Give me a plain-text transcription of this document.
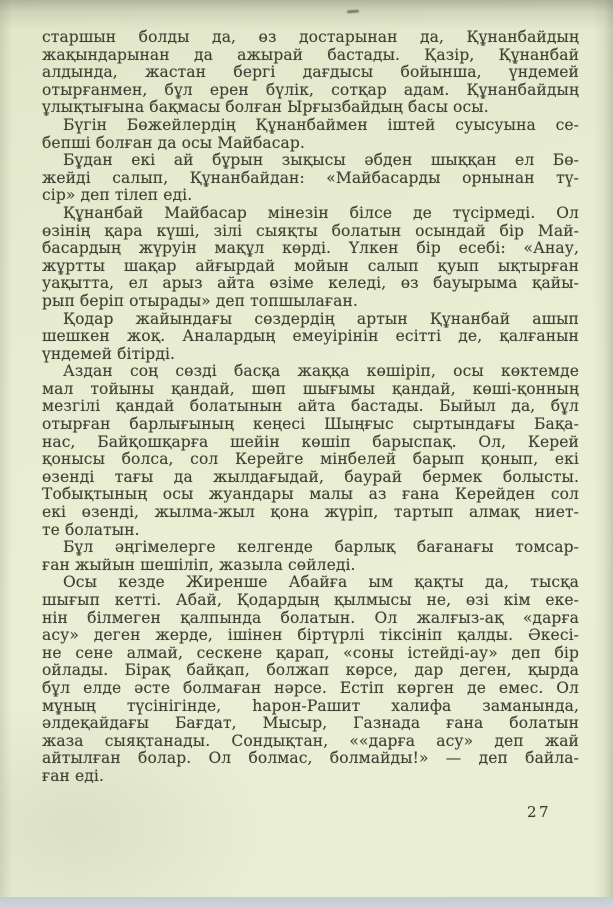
старшын болды да, өз достарынан да, Құнанбайдың
жақындарынан да ажырай бастады. Қазір, Құнанбай
алдында, жастан бергі дағдысы бойынша, үндемей
отырғанмен, бұл ерен бүлік, сотқар адам. Құнанбайдың
ұлықтығына бақмасы болған Ырғызбайдың басы осы.
Бүгін Бөжейлердің Құнанбаймен іштей суысуына се-
бепші болған да осы Майбасар.
Бұдан екі ай бұрын зықысы әбден шыққан ел Бө-
жейді салып, Құнанбайдан: «Майбасарды орнынан тү-
сір» деп тілеп еді.
Құнанбай Майбасар мінезін білсе де түсірмеді. Ол
өзінің қара күші, зілі сыяқты болатын осындай бір Май-
басардың жүруін мақұл көрді. Үлкен бір есебі: «Анау,
жұртты шақар айғырдай мойын салып қуып ықтырған
уақытта, ел арыз айта өзіме келеді, өз бауырыма қайы-
рып беріп отырады» деп топшылаған.
Қодар жайындағы сөздердің артын Құнанбай ашып
шешкен жоқ. Аналардың емеуірінін есітті де, қалғанын
үндемей бітірді.
Аздан соң сөзді басқа жаққа көшіріп, осы көктемде
мал тойыны қандай, шөп шығымы қандай, көші-қонның
мезгілі қандай болатынын айта бастады. Быйыл да, бұл
отырған барлығының кеңесі Шыңғыс сыртындағы Бақа-
нас, Байқошқарға шейін көшіп барыспақ. Ол, Керей
қонысы болса, сол Керейге мінбелей барып қонып, екі
өзенді тағы да жылдағыдай, баурай бермек болысты.
Тобықтының осы жуандары малы аз ғана Керейден сол
екі өзенді, жылма-жыл қона жүріп, тартып алмақ ниет-
те болатын.
Бұл әңгімелерге келгенде барлық бағанағы томсар-
ған жыйын шешіліп, жазыла сөйледі.
Осы кезде Жиренше Абайға ым қақты да, тысқа
шығып кетті. Абай, Қодардың қылмысы не, өзі кім еке-
нін білмеген қалпында болатын. Ол жалғыз-ақ «дарға
асу» деген жерде, ішінен біртүрлі тіксініп қалды. Әкесі-
не сене алмай, сескене қарап, «соны істейді-ау» деп бір
ойлады. Бірақ байқап, болжап көрсе, дар деген, қырда
бұл елде әсте болмаған нәрсе. Естіп көрген де емес. Ол
мұның түсінігінде, һарон-Рашит халифа заманында,
әлдеқайдағы Бағдат, Мысыр, Газнада ғана болатын
жаза сыяқтанады. Сондықтан, ««дарға асу» деп жай
айтылған болар. Ол болмас, болмайды!» — деп байла-
ған еді.
27
